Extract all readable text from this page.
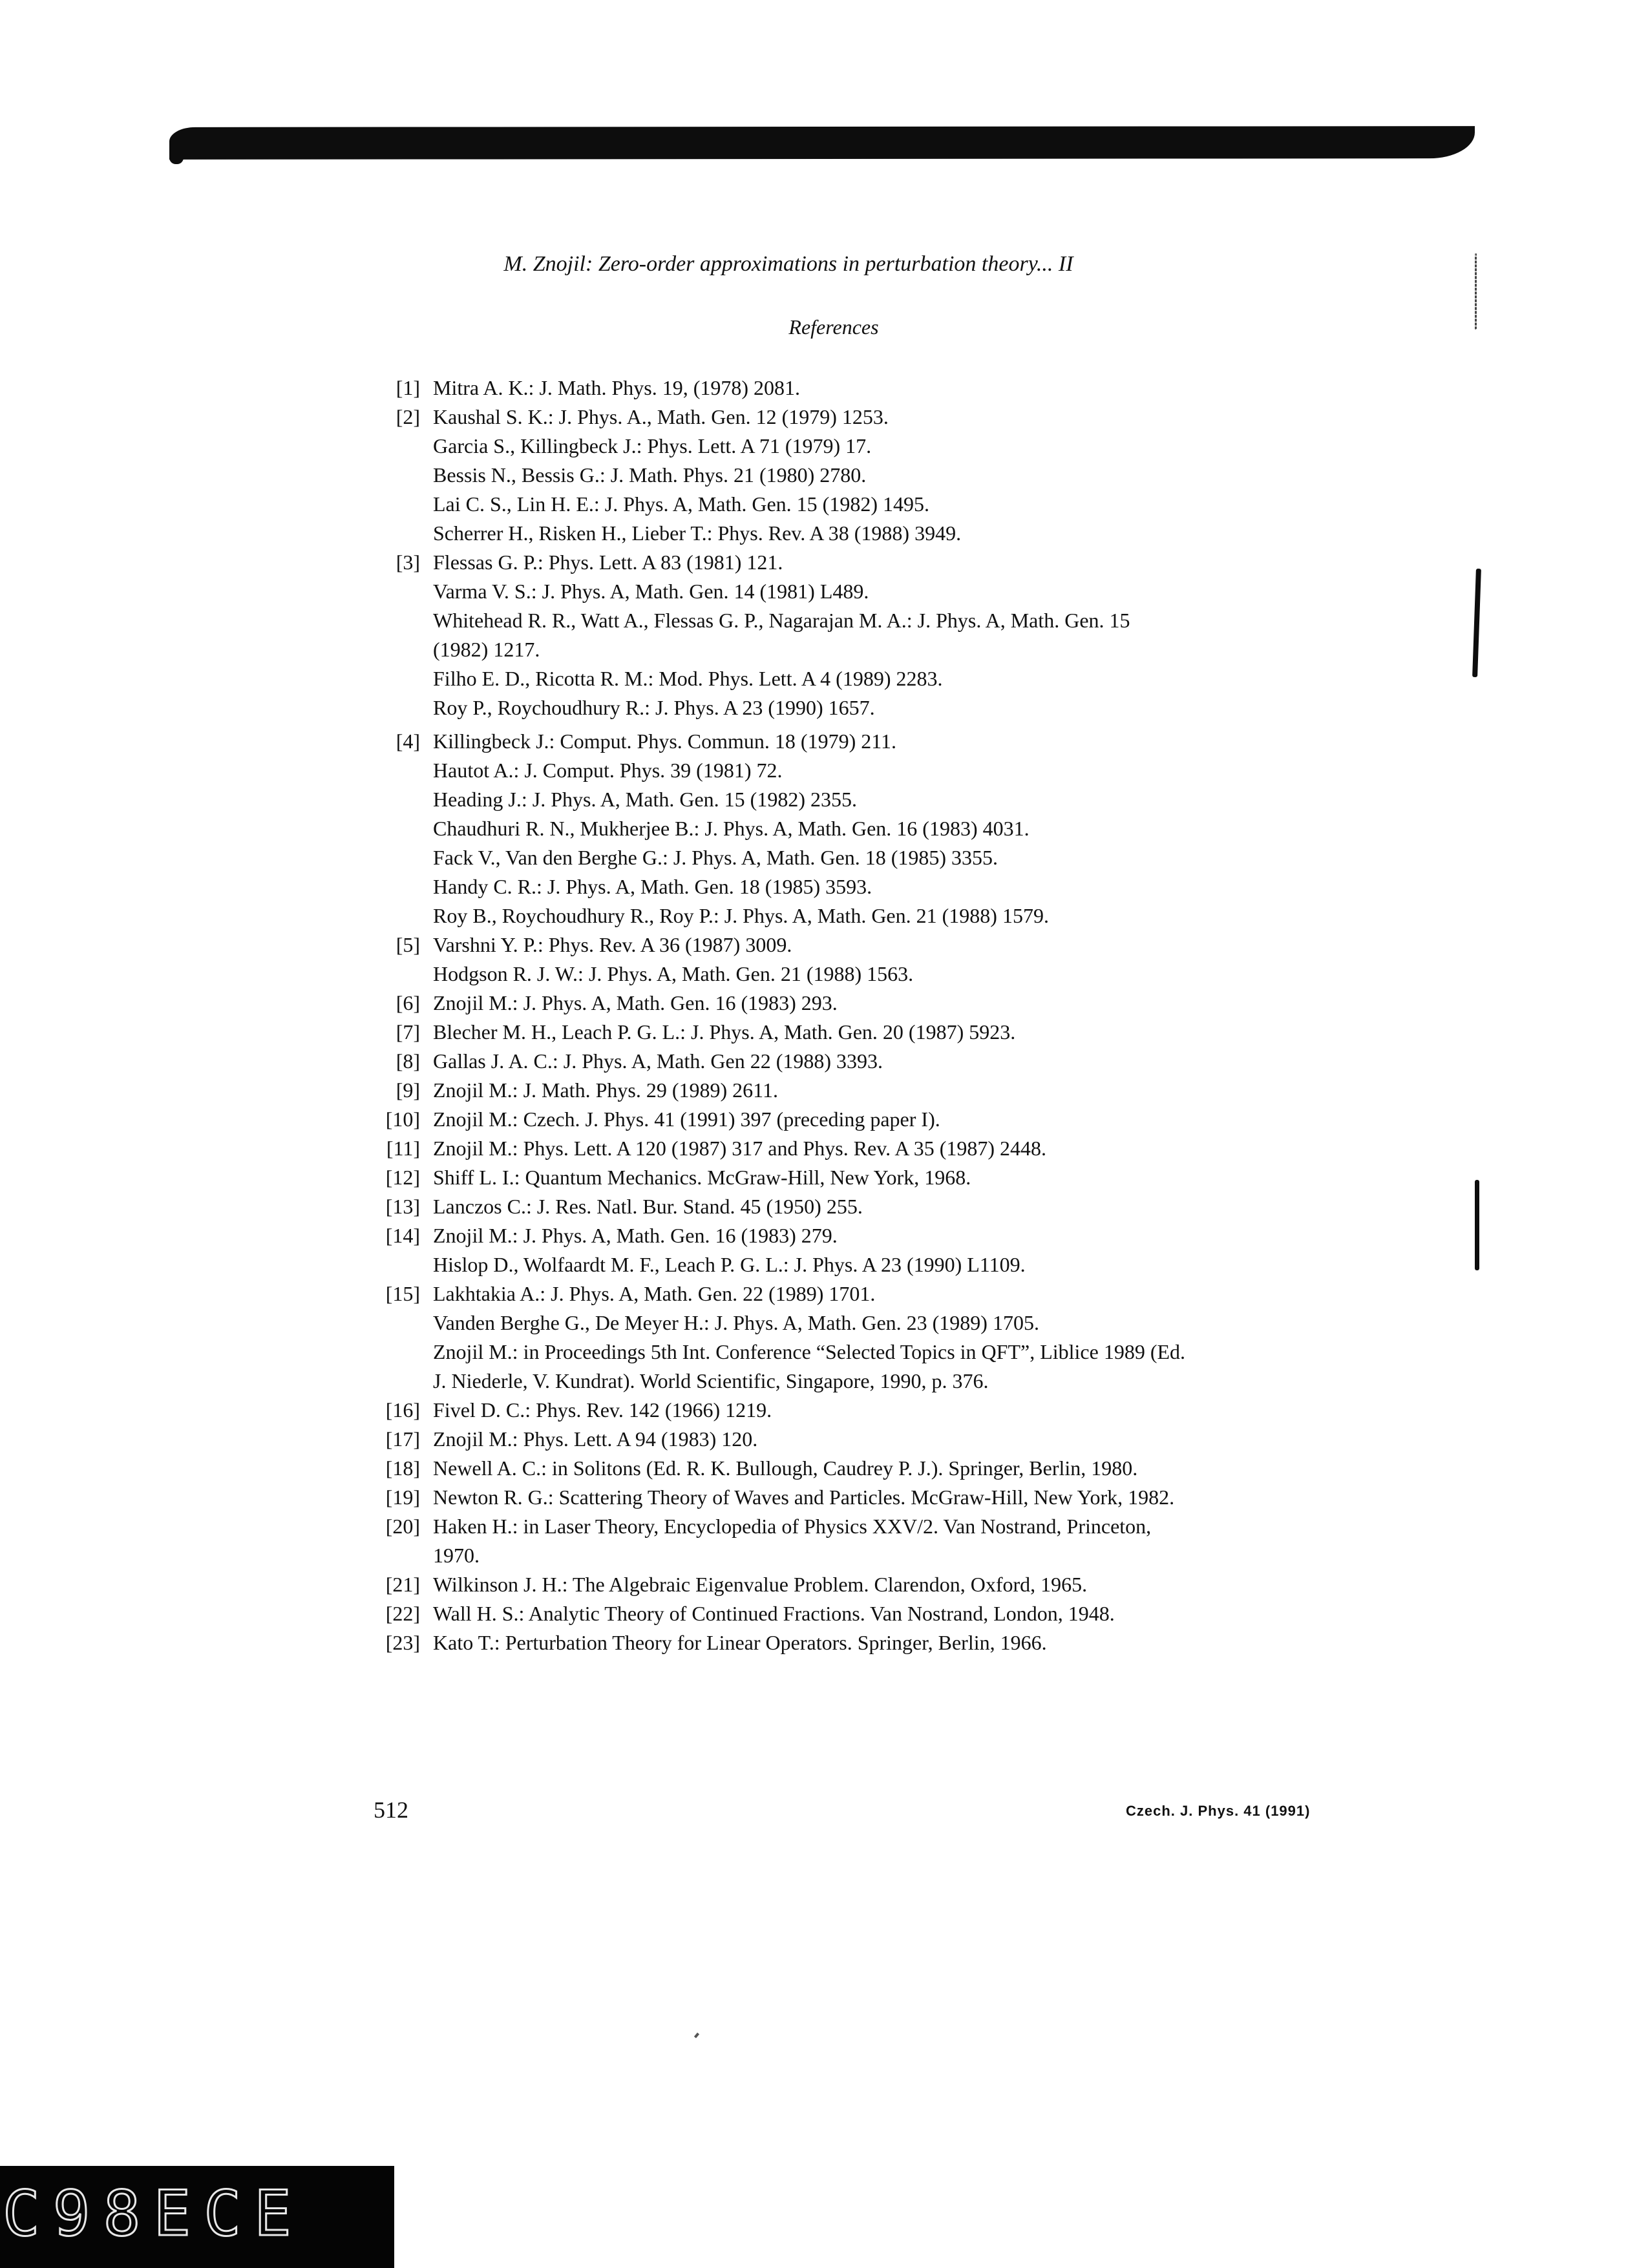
M. Znojil: Zero-order approximations in perturbation theory... II
References
[1] Mitra A. K.: J. Math. Phys. 19, (1978) 2081.
[2] Kaushal S. K.: J. Phys. A., Math. Gen. 12 (1979) 1253.
Garcia S., Killingbeck J.: Phys. Lett. A 71 (1979) 17.
Bessis N., Bessis G.: J. Math. Phys. 21 (1980) 2780.
Lai C. S., Lin H. E.: J. Phys. A, Math. Gen. 15 (1982) 1495.
Scherrer H., Risken H., Lieber T.: Phys. Rev. A 38 (1988) 3949.
[3] Flessas G. P.: Phys. Lett. A 83 (1981) 121.
Varma V. S.: J. Phys. A, Math. Gen. 14 (1981) L489.
Whitehead R. R., Watt A., Flessas G. P., Nagarajan M. A.: J. Phys. A, Math. Gen. 15
(1982) 1217.
Filho E. D., Ricotta R. M.: Mod. Phys. Lett. A 4 (1989) 2283.
Roy P., Roychoudhury R.: J. Phys. A 23 (1990) 1657.
[4] Killingbeck J.: Comput. Phys. Commun. 18 (1979) 211.
Hautot A.: J. Comput. Phys. 39 (1981) 72.
Heading J.: J. Phys. A, Math. Gen. 15 (1982) 2355.
Chaudhuri R. N., Mukherjee B.: J. Phys. A, Math. Gen. 16 (1983) 4031.
Fack V., Van den Berghe G.: J. Phys. A, Math. Gen. 18 (1985) 3355.
Handy C. R.: J. Phys. A, Math. Gen. 18 (1985) 3593.
Roy B., Roychoudhury R., Roy P.: J. Phys. A, Math. Gen. 21 (1988) 1579.
[5] Varshni Y. P.: Phys. Rev. A 36 (1987) 3009.
Hodgson R. J. W.: J. Phys. A, Math. Gen. 21 (1988) 1563.
[6] Znojil M.: J. Phys. A, Math. Gen. 16 (1983) 293.
[7] Blecher M. H., Leach P. G. L.: J. Phys. A, Math. Gen. 20 (1987) 5923.
[8] Gallas J. A. C.: J. Phys. A, Math. Gen 22 (1988) 3393.
[9] Znojil M.: J. Math. Phys. 29 (1989) 2611.
[10] Znojil M.: Czech. J. Phys. 41 (1991) 397 (preceding paper I).
[11] Znojil M.: Phys. Lett. A 120 (1987) 317 and Phys. Rev. A 35 (1987) 2448.
[12] Shiff L. I.: Quantum Mechanics. McGraw-Hill, New York, 1968.
[13] Lanczos C.: J. Res. Natl. Bur. Stand. 45 (1950) 255.
[14] Znojil M.: J. Phys. A, Math. Gen. 16 (1983) 279.
Hislop D., Wolfaardt M. F., Leach P. G. L.: J. Phys. A 23 (1990) L1109.
[15] Lakhtakia A.: J. Phys. A, Math. Gen. 22 (1989) 1701.
Vanden Berghe G., De Meyer H.: J. Phys. A, Math. Gen. 23 (1989) 1705.
Znojil M.: in Proceedings 5th Int. Conference “Selected Topics in QFT”, Liblice 1989 (Ed.
J. Niederle, V. Kundrat). World Scientific, Singapore, 1990, p. 376.
[16] Fivel D. C.: Phys. Rev. 142 (1966) 1219.
[17] Znojil M.: Phys. Lett. A 94 (1983) 120.
[18] Newell A. C.: in Solitons (Ed. R. K. Bullough, Caudrey P. J.). Springer, Berlin, 1980.
[19] Newton R. G.: Scattering Theory of Waves and Particles. McGraw-Hill, New York, 1982.
[20] Haken H.: in Laser Theory, Encyclopedia of Physics XXV/2. Van Nostrand, Princeton,
1970.
[21] Wilkinson J. H.: The Algebraic Eigenvalue Problem. Clarendon, Oxford, 1965.
[22] Wall H. S.: Analytic Theory of Continued Fractions. Van Nostrand, London, 1948.
[23] Kato T.: Perturbation Theory for Linear Operators. Springer, Berlin, 1966.
512	Czech. J. Phys. 41 (1991)
C98ECE
